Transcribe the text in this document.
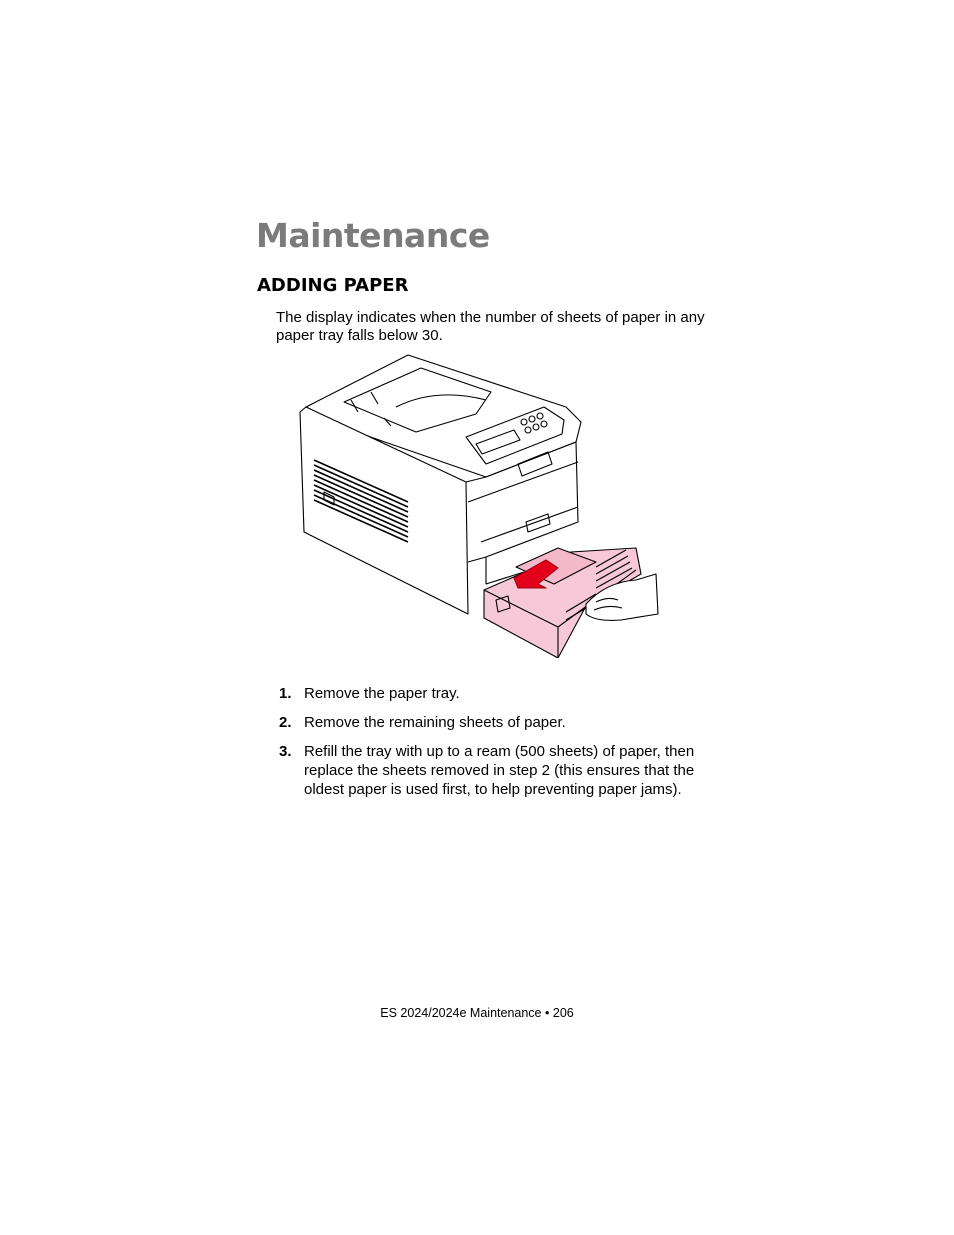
Maintenance
ADDING PAPER

The display indicates when the number of sheets of paper in any paper tray falls below 30.

1. Remove the paper tray.
2. Remove the remaining sheets of paper.
3. Refill the tray with up to a ream (500 sheets) of paper, then replace the sheets removed in step 2 (this ensures that the oldest paper is used first, to help preventing paper jams).
ES 2024/2024e Maintenance • 206
